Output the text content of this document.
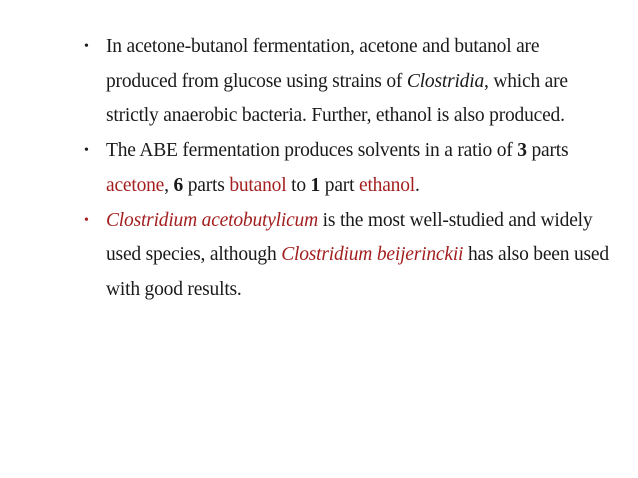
• In acetone-butanol fermentation, acetone and butanol are produced from glucose using strains of Clostridia, which are strictly anaerobic bacteria. Further, ethanol is also produced.
• The ABE fermentation produces solvents in a ratio of 3 parts acetone, 6 parts butanol to 1 part ethanol.
• Clostridium acetobutylicum is the most well-studied and widely used species, although Clostridium beijerinckii has also been used with good results.
